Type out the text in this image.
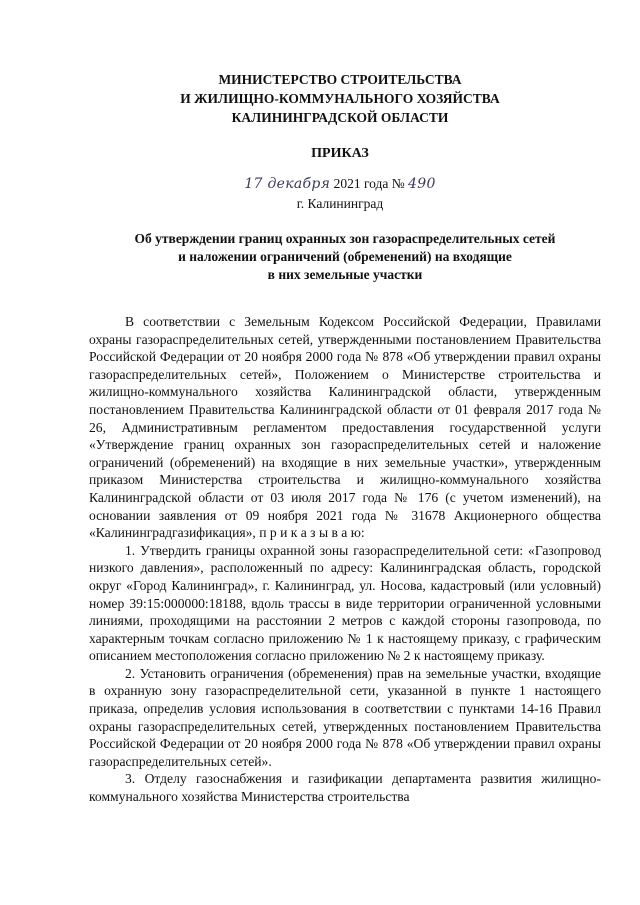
МИНИСТЕРСТВО СТРОИТЕЛЬСТВА
И ЖИЛИЩНО-КОММУНАЛЬНОГО ХОЗЯЙСТВА
КАЛИНИНГРАДСКОЙ ОБЛАСТИ
ПРИКАЗ
17 декабря 2021 года № 490
г. Калининград
Об утверждении границ охранных зон газораспределительных сетей
и наложении ограничений (обременений) на входящие
в них земельные участки

В соответствии с Земельным Кодексом Российской Федерации, Правилами охраны газораспределительных сетей, утвержденными постановлением Правительства Российской Федерации от 20 ноября 2000 года № 878 «Об утверждении правил охраны газораспределительных сетей», Положением о Министерстве строительства и жилищно-коммунального хозяйства Калининградской области, утвержденным постановлением Правительства Калининградской области от 01 февраля 2017 года № 26, Административным регламентом предоставления государственной услуги «Утверждение границ охранных зон газораспределительных сетей и наложение ограничений (обременений) на входящие в них земельные участки», утвержденным приказом Министерства строительства и жилищно-коммунального хозяйства Калининградской области от 03 июля 2017 года № 176 (с учетом изменений), на основании заявления от 09 ноября 2021 года № 31678 Акционерного общества «Калининградгазификация», п р и к а з ы в а ю:

1. Утвердить границы охранной зоны газораспределительной сети: «Газопровод низкого давления», расположенный по адресу: Калининградская область, городской округ «Город Калининград», г. Калининград, ул. Носова, кадастровый (или условный) номер 39:15:000000:18188, вдоль трассы в виде территории ограниченной условными линиями, проходящими на расстоянии 2 метров с каждой стороны газопровода, по характерным точкам согласно приложению № 1 к настоящему приказу, с графическим описанием местоположения согласно приложению № 2 к настоящему приказу.

2. Установить ограничения (обременения) прав на земельные участки, входящие в охранную зону газораспределительной сети, указанной в пункте 1 настоящего приказа, определив условия использования в соответствии с пунктами 14-16 Правил охраны газораспределительных сетей, утвержденных постановлением Правительства Российской Федерации от 20 ноября 2000 года № 878 «Об утверждении правил охраны газораспределительных сетей».

3. Отделу газоснабжения и газификации департамента развития жилищно-коммунального хозяйства Министерства строительства
